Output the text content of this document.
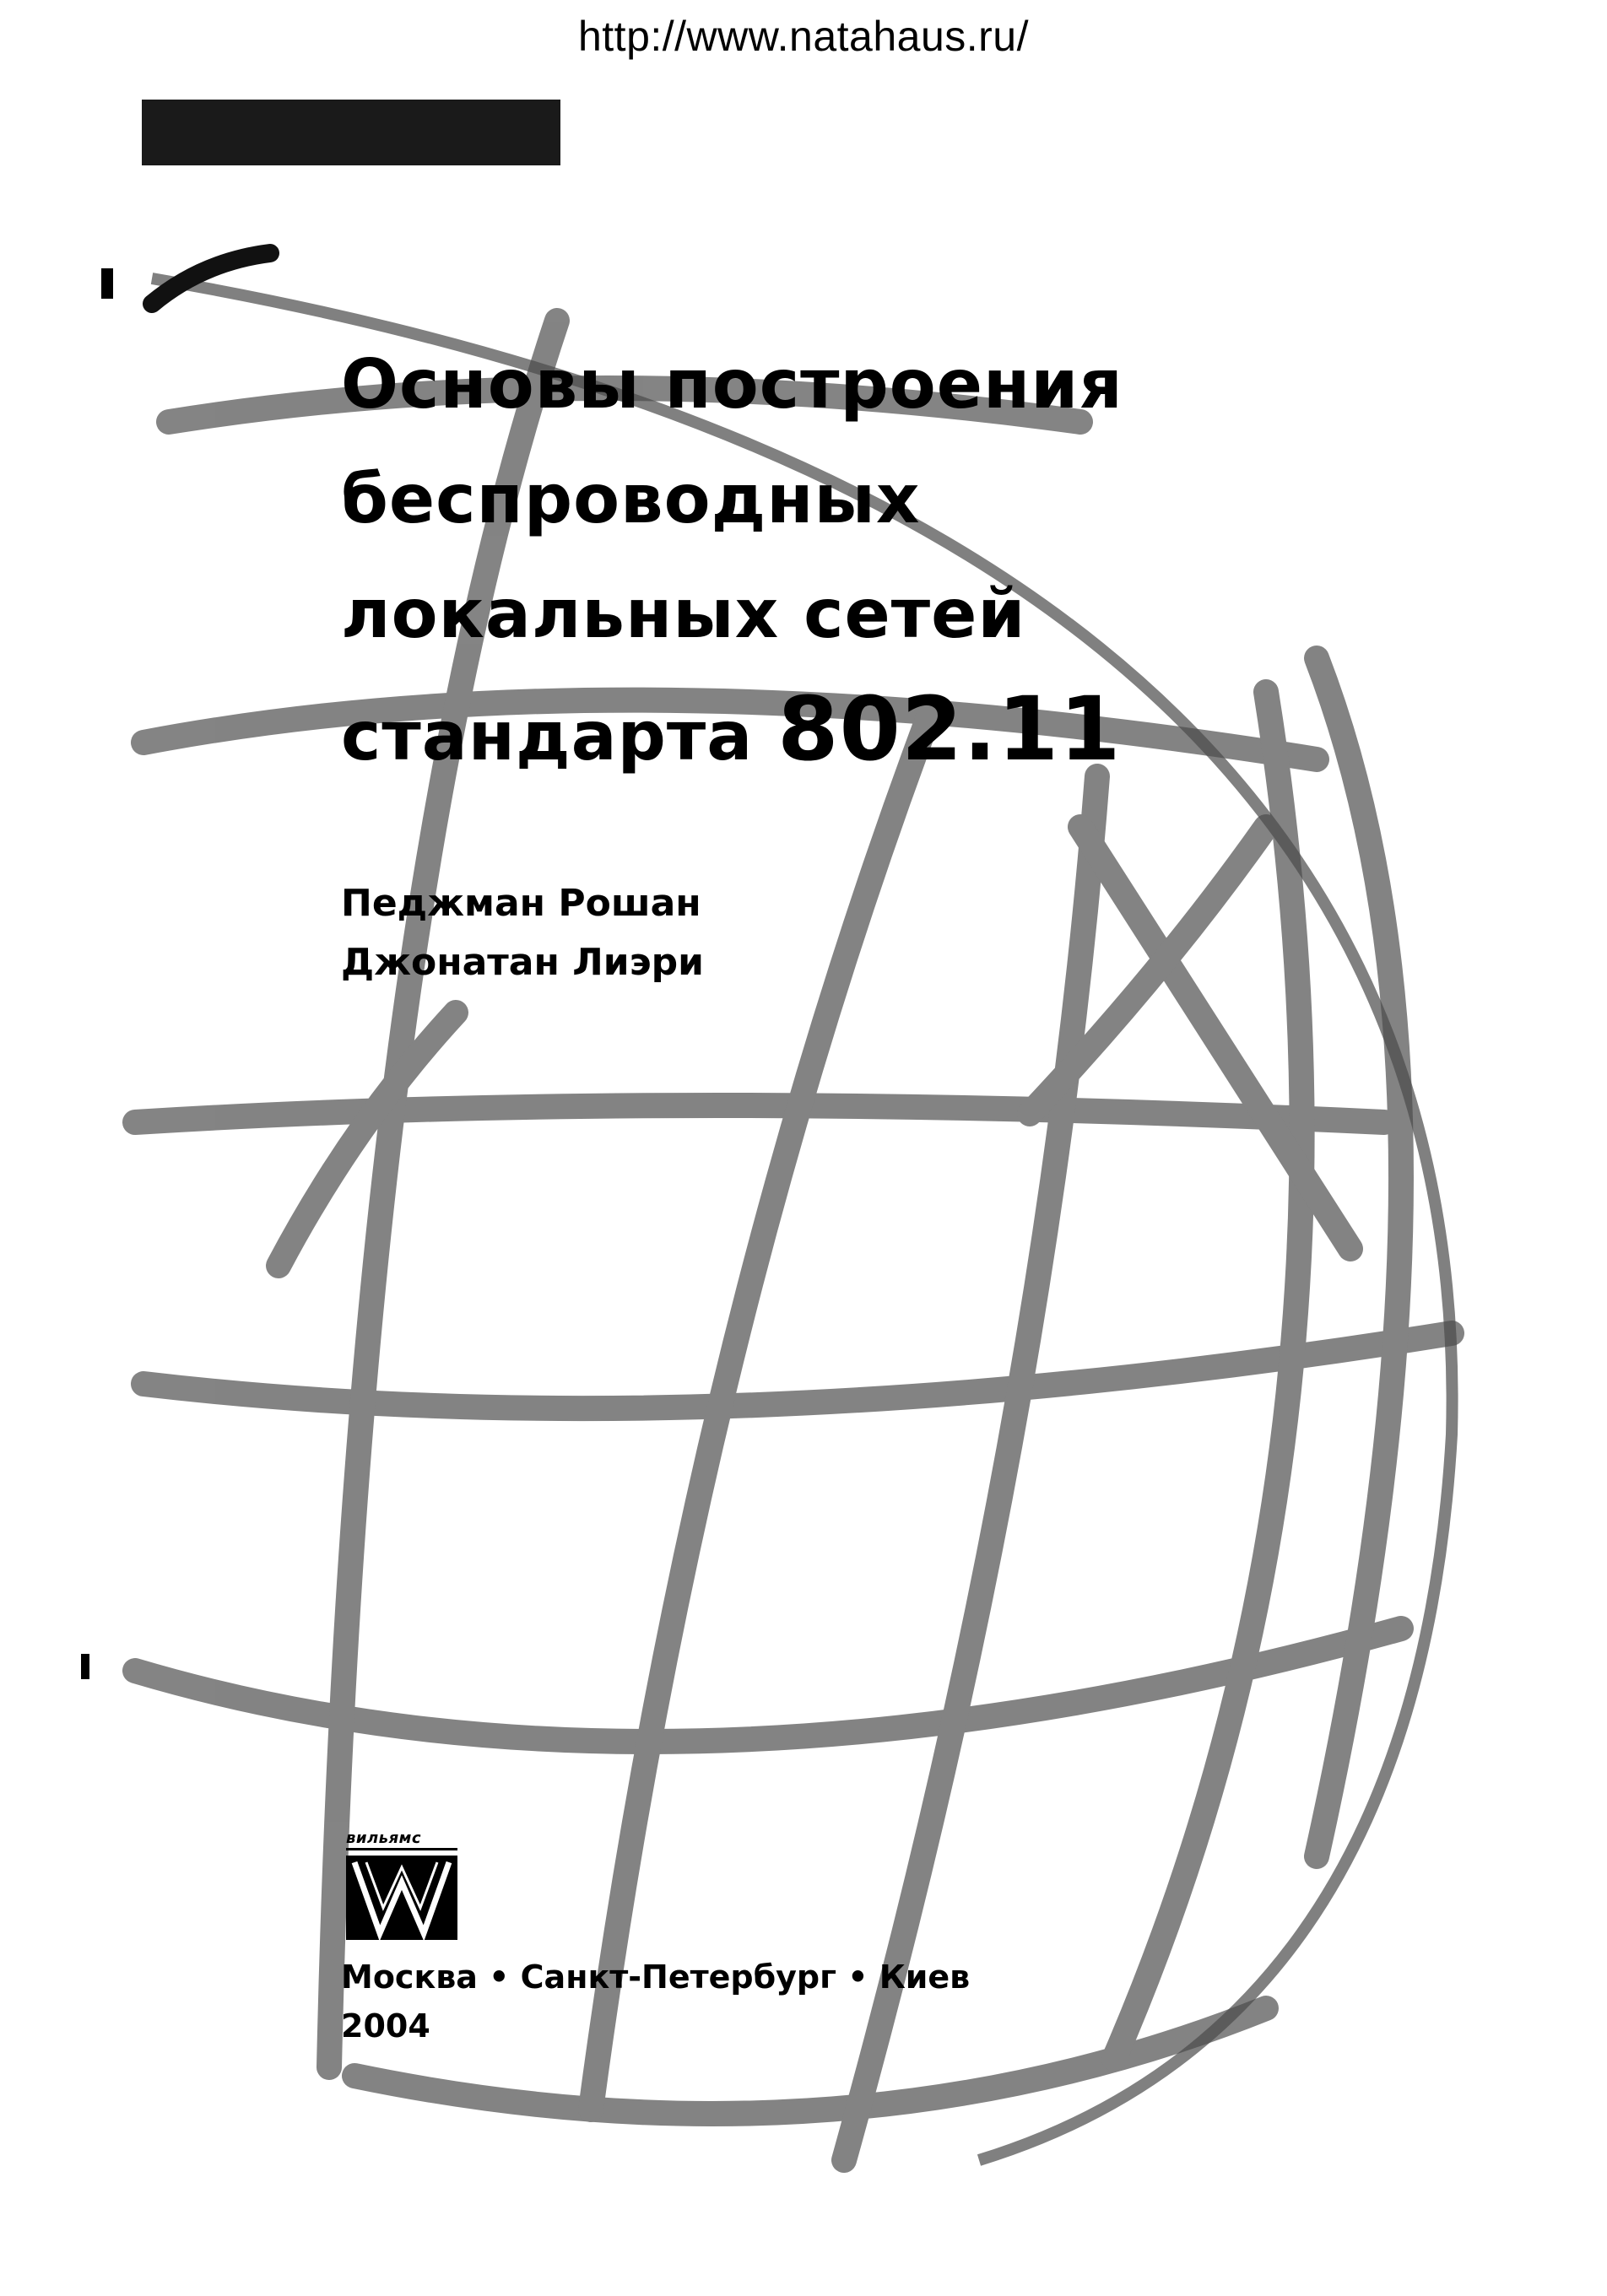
http://www.natahaus.ru/
Основы построения
беспроводных
локальных сетей
стандарта 802.11
Педжман Рошан
Джонатан Лиэри
вильямс
Москва • Санкт-Петербург • Киев
2004
